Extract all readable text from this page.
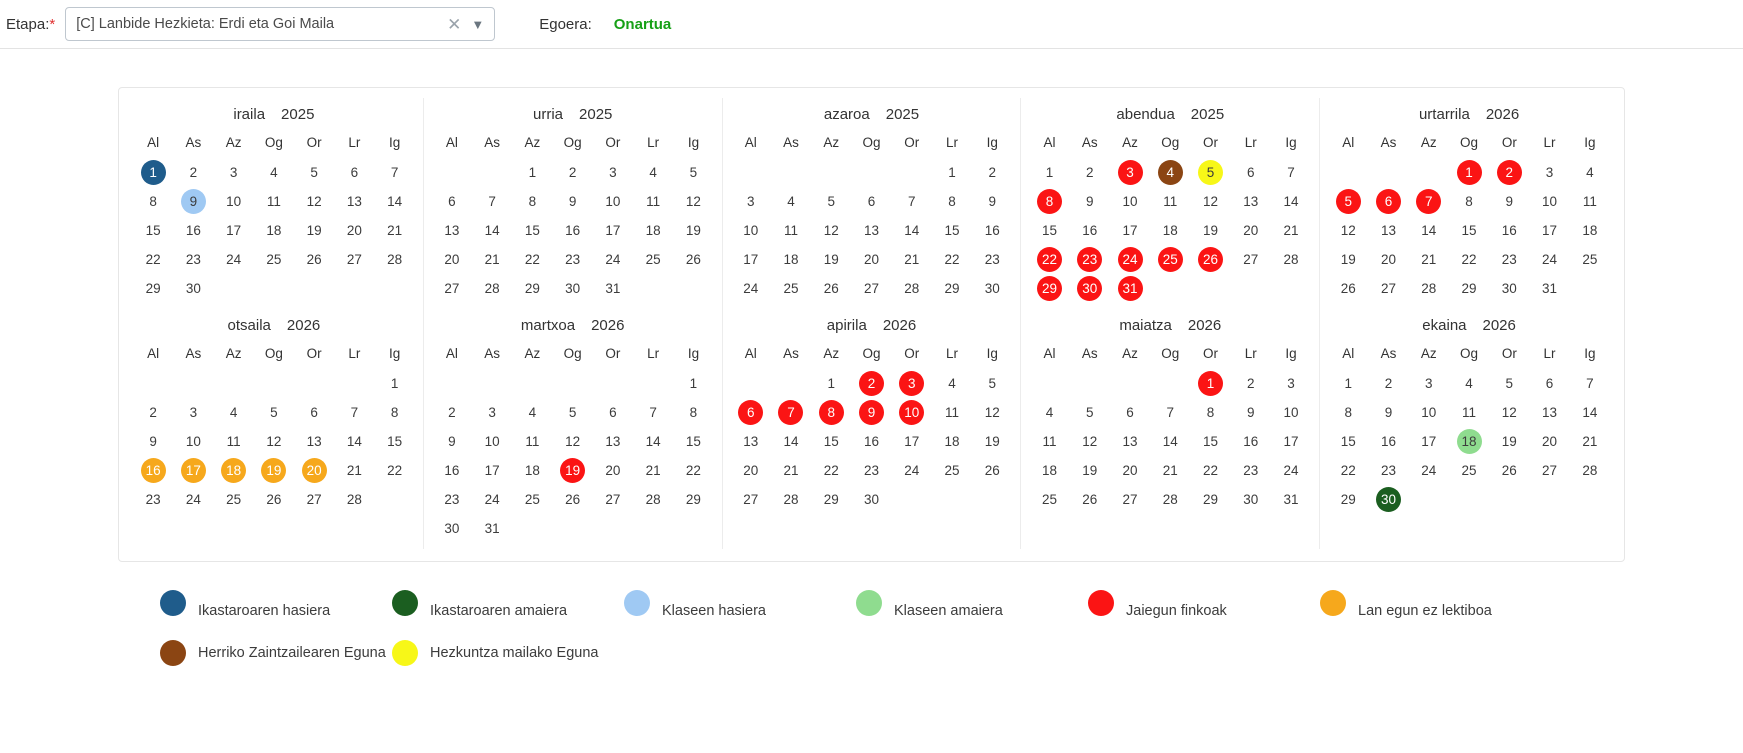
Etapa:* [C] Lanbide Hezkieta: Erdi eta Goi Maila	✕ ▼	Egoera: Onartua
iraila 2025
Al	As	Az	Og	Or	Lr	Ig
1	2	3	4	5	6	7
8	9	10	11	12	13	14
15	16	17	18	19	20	21
22	23	24	25	26	27	28
29	30					
otsaila 2026
Al	As	Az	Og	Or	Lr	Ig
						1
2	3	4	5	6	7	8
9	10	11	12	13	14	15
16	17	18	19	20	21	22
23	24	25	26	27	28	
urria 2025
Al	As	Az	Og	Or	Lr	Ig
		1	2	3	4	5
6	7	8	9	10	11	12
13	14	15	16	17	18	19
20	21	22	23	24	25	26
27	28	29	30	31		
martxoa 2026
Al	As	Az	Og	Or	Lr	Ig
						1
2	3	4	5	6	7	8
9	10	11	12	13	14	15
16	17	18	19	20	21	22
23	24	25	26	27	28	29
30	31					
azaroa 2025
Al	As	Az	Og	Or	Lr	Ig
					1	2
3	4	5	6	7	8	9
10	11	12	13	14	15	16
17	18	19	20	21	22	23
24	25	26	27	28	29	30
apirila 2026
Al	As	Az	Og	Or	Lr	Ig
		1	2	3	4	5
6	7	8	9	10	11	12
13	14	15	16	17	18	19
20	21	22	23	24	25	26
27	28	29	30			
abendua 2025
Al	As	Az	Og	Or	Lr	Ig
1	2	3	4	5	6	7
8	9	10	11	12	13	14
15	16	17	18	19	20	21
22	23	24	25	26	27	28
29	30	31				
maiatza 2026
Al	As	Az	Og	Or	Lr	Ig
				1	2	3
4	5	6	7	8	9	10
11	12	13	14	15	16	17
18	19	20	21	22	23	24
25	26	27	28	29	30	31
urtarrila 2026
Al	As	Az	Og	Or	Lr	Ig
			1	2	3	4
5	6	7	8	9	10	11
12	13	14	15	16	17	18
19	20	21	22	23	24	25
26	27	28	29	30	31	
ekaina 2026
Al	As	Az	Og	Or	Lr	Ig
1	2	3	4	5	6	7
8	9	10	11	12	13	14
15	16	17	18	19	20	21
22	23	24	25	26	27	28
29	30					
Ikastaroaren hasiera	Ikastaroaren amaiera	Klaseen hasiera	Klaseen amaiera	Jaiegun finkoak	Lan egun ez lektiboa
Herriko Zaintzailearen Eguna	Hezkuntza mailako Eguna
